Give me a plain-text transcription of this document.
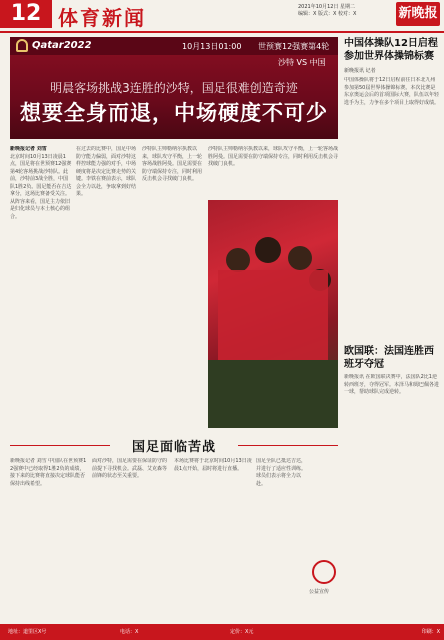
12 体育新闻	2021年10月12日 星期二
编辑：X 版式：X 校对：X	新晚报
Qatar2022	10月13日01:00 世预赛12强赛第4轮
沙特 VS 中国
明晨客场挑战3连胜的沙特，国足很难创造奇迹
想要全身而退，中场硬度不可少
新晚报记者 刘雪
北京时间10月13日凌晨1点，国足将在世预赛12强赛第4轮客场挑战沙特队。此前，沙特前3战全胜，中国队1胜2负。国足能否在吉达拿分，这场比赛备受关注。从阵容来看，国足主力依旧是归化球员与本土核心的组合。
在过去的比赛中，国足中场防守能力偏弱，面对沙特这样控球能力强的对手，中场硬度将是决定比赛走势的关键。李铁在赛前表示，球队会全力以赴，争取拿到好结果。
沙特队主帅勒纳尔执教以来，球队攻守平衡，上一轮客场战胜阿曼。国足需要在防守端保持专注，同时利用反击机会寻找破门良机。
沙特队主帅勒纳尔执教以来，球队攻守平衡，上一轮客场战胜阿曼。国足需要在防守端保持专注，同时利用反击机会寻找破门良机。
中国体操队12日启程参加世界体操锦标赛
新晚报讯 记者
中国体操队将于12日启程前往日本北九州参加第50届世界体操锦标赛。本次比赛是东京奥运会后的首项国际大赛，队伍以年轻选手为主，力争在多个项目上取得好成绩。
欧国联：法国连胜西班牙夺冠
新晚报讯 在欧国联决赛中，法国队2比1逆转西班牙，夺得冠军。本泽马和姆巴佩各进一球，帮助球队完成逆转。
国足面临苦战
新晚报记者 刘雪 中国队在世预赛12强赛中已经取得1胜2负的成绩，接下来的比赛将直接决定球队能否保持出线希望。
面对沙特，国足需要在保证防守的前提下寻找机会。武磊、艾克森等前锋的状态至关重要。
本场比赛将于北京时间10月13日凌晨1点开始，届时将进行直播。
国足全队已抵达吉达，并进行了适应性训练。球员们表示将全力以赴。
公益宣传
地址：道里区X号	电话：X	定价：X元	印刷：X
